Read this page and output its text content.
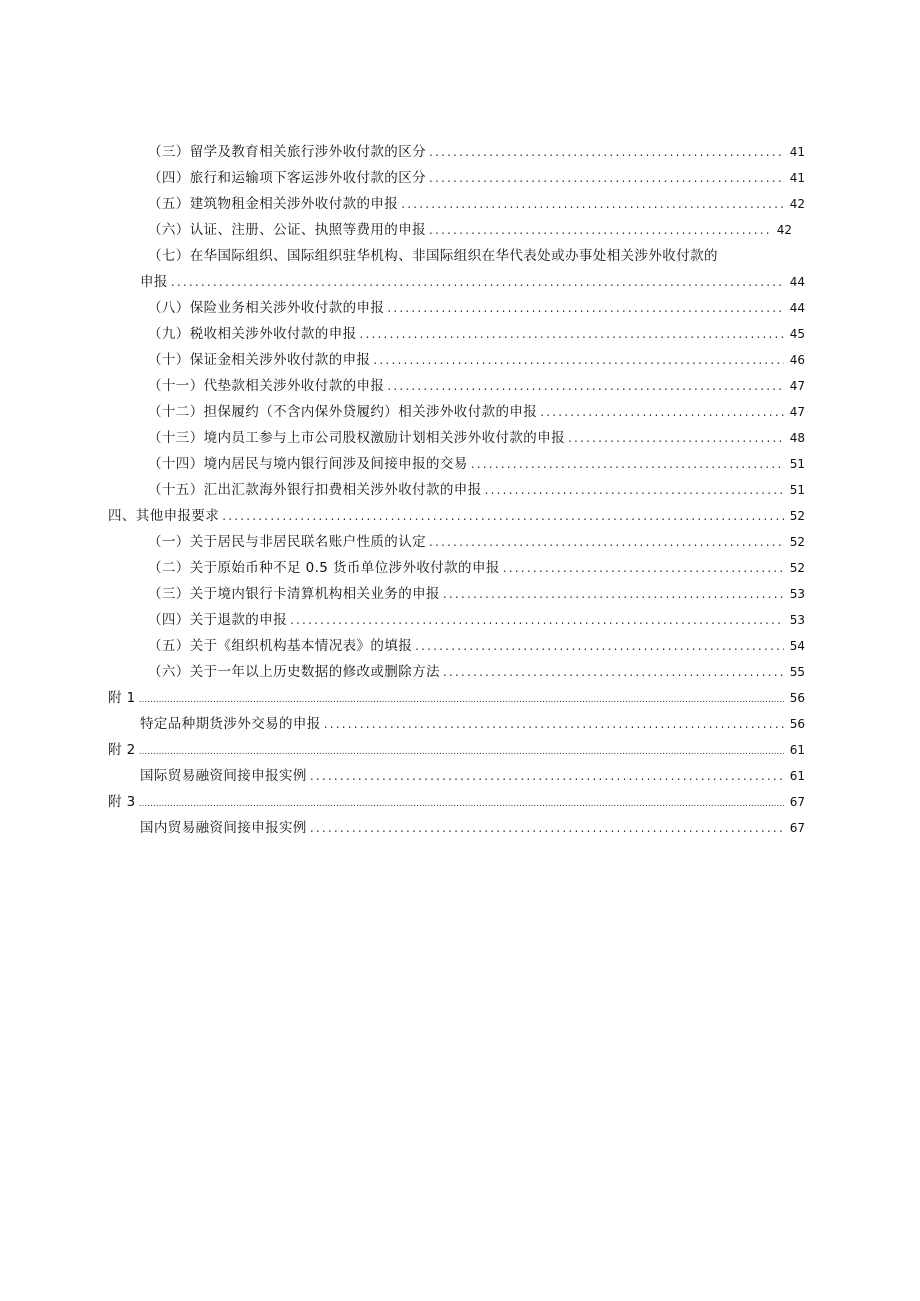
（三）留学及教育相关旅行涉外收付款的区分 .....	41
（四）旅行和运输项下客运涉外收付款的区分 .....	41
（五）建筑物租金相关涉外收付款的申报 .....	42
（六）认证、注册、公证、执照等费用的申报 .....	42
（七）在华国际组织、国际组织驻华机构、非国际组织在华代表处或办事处相关涉外收付款的
申报 .....	44
（八）保险业务相关涉外收付款的申报 .....	44
（九）税收相关涉外收付款的申报 .....	45
（十）保证金相关涉外收付款的申报 .....	46
（十一）代垫款相关涉外收付款的申报 .....	47
（十二）担保履约（不含内保外贷履约）相关涉外收付款的申报 .....	47
（十三）境内员工参与上市公司股权激励计划相关涉外收付款的申报 .....	48
（十四）境内居民与境内银行间涉及间接申报的交易 .....	51
（十五）汇出汇款海外银行扣费相关涉外收付款的申报 .....	51
四、其他申报要求 .....	52
（一）关于居民与非居民联名账户性质的认定 .....	52
（二）关于原始币种不足 0.5 货币单位涉外收付款的申报 .....	52
（三）关于境内银行卡清算机构相关业务的申报 .....	53
（四）关于退款的申报 .....	53
（五）关于《组织机构基本情况表》的填报 .....	54
（六）关于一年以上历史数据的修改或删除方法 .....	55
附 1 .....	56
特定品种期货涉外交易的申报 .....	56
附 2 .....	61
国际贸易融资间接申报实例 .....	61
附 3 .....	67
国内贸易融资间接申报实例 .....	67
